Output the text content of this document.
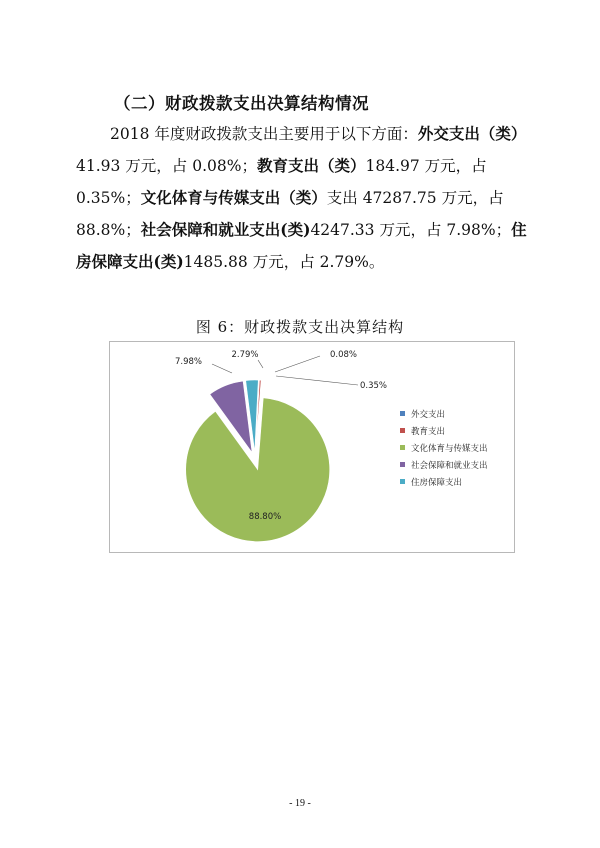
（二）财政拨款支出决算结构情况
2018 年度财政拨款支出主要用于以下方面：外交支出（类）41.93 万元，占 0.08%；教育支出（类）184.97 万元，占 0.35%；文化体育与传媒支出（类）支出 47287.75 万元，占 88.8%；社会保障和就业支出(类)4247.33 万元，占 7.98%；住房保障支出(类)1485.88 万元，占 2.79%。
图 6：财政拨款支出决算结构
0.08%
0.35%
88.80%
7.98%
2.79%
外交支出
教育支出
文化体育与传媒支出
社会保障和就业支出
住房保障支出
- 19 -
